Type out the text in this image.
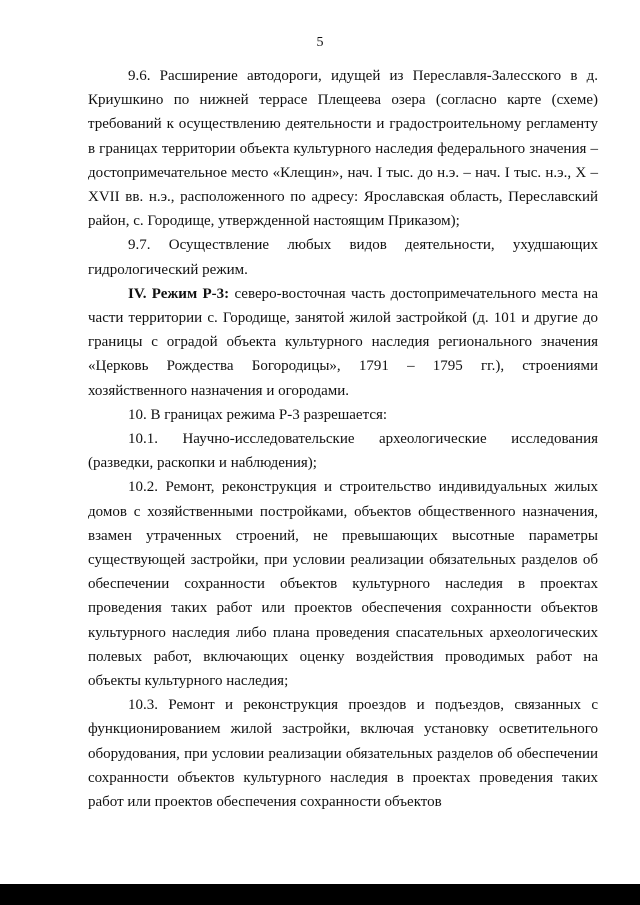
5

9.6. Расширение автодороги, идущей из Переславля-Залесского в д. Криушкино по нижней террасе Плещеева озера (согласно карте (схеме) требований к осуществлению деятельности и градостроительному регламенту в границах территории объекта культурного наследия федерального значения – достопримечательное место «Клещин», нач. I тыс. до н.э. – нач. I тыс. н.э., X – XVII вв. н.э., расположенного по адресу: Ярославская область, Переславский район, с. Городище, утвержденной настоящим Приказом);

9.7. Осуществление любых видов деятельности, ухудшающих гидрологический режим.

IV. Режим Р-3: северо-восточная часть достопримечательного места на части территории с. Городище, занятой жилой застройкой (д. 101 и другие до границы с оградой объекта культурного наследия регионального значения «Церковь Рождества Богородицы», 1791 – 1795 гг.), строениями хозяйственного назначения и огородами.

10. В границах режима Р-3 разрешается:

10.1. Научно-исследовательские археологические исследования (разведки, раскопки и наблюдения);

10.2. Ремонт, реконструкция и строительство индивидуальных жилых домов с хозяйственными постройками, объектов общественного назначения, взамен утраченных строений, не превышающих высотные параметры существующей застройки, при условии реализации обязательных разделов об обеспечении сохранности объектов культурного наследия в проектах проведения таких работ или проектов обеспечения сохранности объектов культурного наследия либо плана проведения спасательных археологических полевых работ, включающих оценку воздействия проводимых работ на объекты культурного наследия;

10.3. Ремонт и реконструкция проездов и подъездов, связанных с функционированием жилой застройки, включая установку осветительного оборудования, при условии реализации обязательных разделов об обеспечении сохранности объектов культурного наследия в проектах проведения таких работ или проектов обеспечения сохранности объектов
